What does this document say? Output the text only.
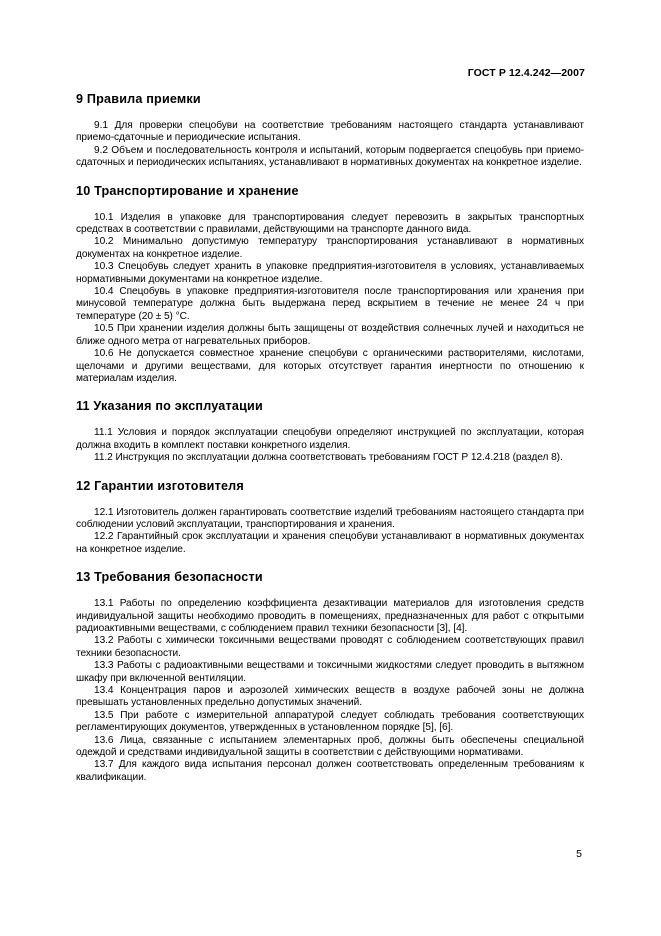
ГОСТ Р 12.4.242—2007
9 Правила приемки

9.1 Для проверки спецобуви на соответствие требованиям настоящего стандарта устанавливают приемо-сдаточные и периодические испытания.

9.2 Объем и последовательность контроля и испытаний, которым подвергается спецобувь при приемо-сдаточных и периодических испытаниях, устанавливают в нормативных документах на конкретное изделие.

10 Транспортирование и хранение

10.1 Изделия в упаковке для транспортирования следует перевозить в закрытых транспортных средствах в соответствии с правилами, действующими на транспорте данного вида.

10.2 Минимально допустимую температуру транспортирования устанавливают в нормативных документах на конкретное изделие.

10.3 Спецобувь следует хранить в упаковке предприятия-изготовителя в условиях, устанавливаемых нормативными документами на конкретное изделие.

10.4 Спецобувь в упаковке предприятия-изготовителя после транспортирования или хранения при минусовой температуре должна быть выдержана перед вскрытием в течение не менее 24 ч при температуре (20 ± 5) °С.

10.5 При хранении изделия должны быть защищены от воздействия солнечных лучей и находиться не ближе одного метра от нагревательных приборов.

10.6 Не допускается совместное хранение спецобуви с органическими растворителями, кислотами, щелочами и другими веществами, для которых отсутствует гарантия инертности по отношению к материалам изделия.

11 Указания по эксплуатации

11.1 Условия и порядок эксплуатации спецобуви определяют инструкцией по эксплуатации, которая должна входить в комплект поставки конкретного изделия.

11.2 Инструкция по эксплуатации должна соответствовать требованиям ГОСТ Р 12.4.218 (раздел 8).

12 Гарантии изготовителя

12.1 Изготовитель должен гарантировать соответствие изделий требованиям настоящего стандарта при соблюдении условий эксплуатации, транспортирования и хранения.

12.2 Гарантийный срок эксплуатации и хранения спецобуви устанавливают в нормативных документах на конкретное изделие.

13 Требования безопасности

13.1 Работы по определению коэффициента дезактивации материалов для изготовления средств индивидуальной защиты необходимо проводить в помещениях, предназначенных для работ с открытыми радиоактивными веществами, с соблюдением правил техники безопасности [3], [4].

13.2 Работы с химически токсичными веществами проводят с соблюдением соответствующих правил техники безопасности.

13.3 Работы с радиоактивными веществами и токсичными жидкостями следует проводить в вытяжном шкафу при включенной вентиляции.

13.4 Концентрация паров и аэрозолей химических веществ в воздухе рабочей зоны не должна превышать установленных предельно допустимых значений.

13.5 При работе с измерительной аппаратурой следует соблюдать требования соответствующих регламентирующих документов, утвержденных в установленном порядке [5], [6].

13.6 Лица, связанные с испытанием элементарных проб, должны быть обеспечены специальной одеждой и средствами индивидуальной защиты в соответствии с действующими нормативами.

13.7 Для каждого вида испытания персонал должен соответствовать определенным требованиям к квалификации.

5
